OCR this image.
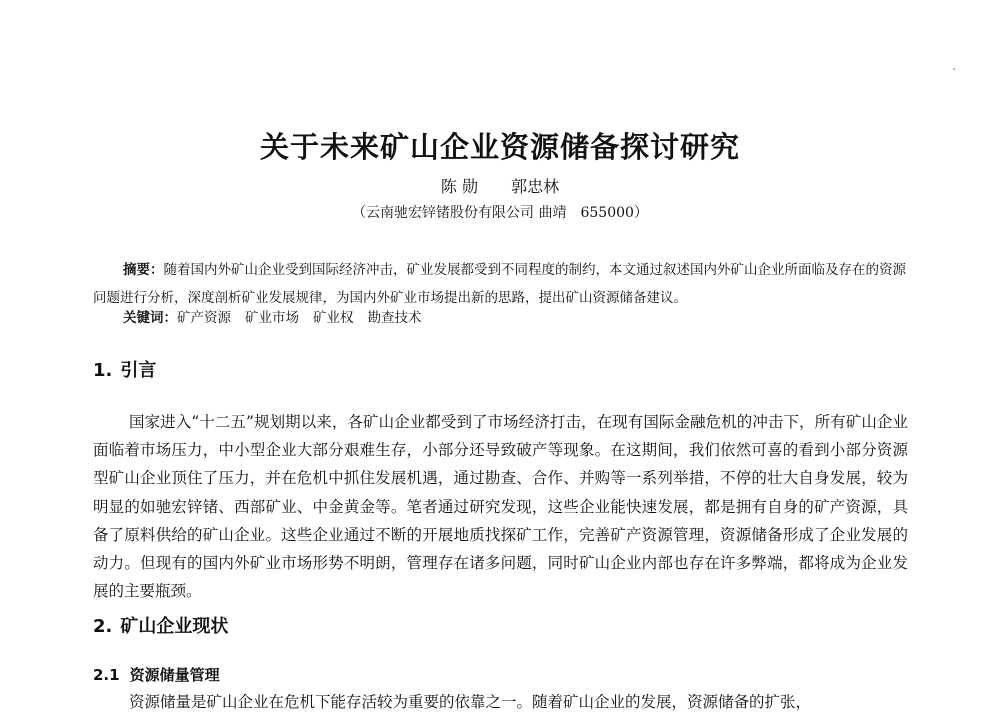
关于未来矿山企业资源储备探讨研究
陈 勋 郭忠林
（云南驰宏锌锗股份有限公司 曲靖　655000）
摘要：随着国内外矿山企业受到国际经济冲击，矿业发展都受到不同程度的制约，本文通过叙述国内外矿山企业所面临及存在的资源问题进行分析，深度剖析矿业发展规律，为国内外矿业市场提出新的思路，提出矿山资源储备建议。
关键词：矿产资源 矿业市场 矿业权 勘查技术
1. 引言

国家进入“十二五”规划期以来，各矿山企业都受到了市场经济打击，在现有国际金融危机的冲击下，所有矿山企业面临着市场压力，中小型企业大部分艰难生存，小部分还导致破产等现象。在这期间，我们依然可喜的看到小部分资源型矿山企业顶住了压力，并在危机中抓住发展机遇，通过勘查、合作、并购等一系列举措，不停的壮大自身发展，较为明显的如驰宏锌锗、西部矿业、中金黄金等。笔者通过研究发现，这些企业能快速发展，都是拥有自身的矿产资源，具备了原料供给的矿山企业。这些企业通过不断的开展地质找探矿工作，完善矿产资源管理，资源储备形成了企业发展的动力。但现有的国内外矿业市场形势不明朗，管理存在诸多问题，同时矿山企业内部也存在许多弊端，都将成为企业发展的主要瓶颈。

2. 矿山企业现状
2.1 资源储量管理

资源储量是矿山企业在危机下能存活较为重要的依靠之一。随着矿山企业的发展，资源储备的扩张，
